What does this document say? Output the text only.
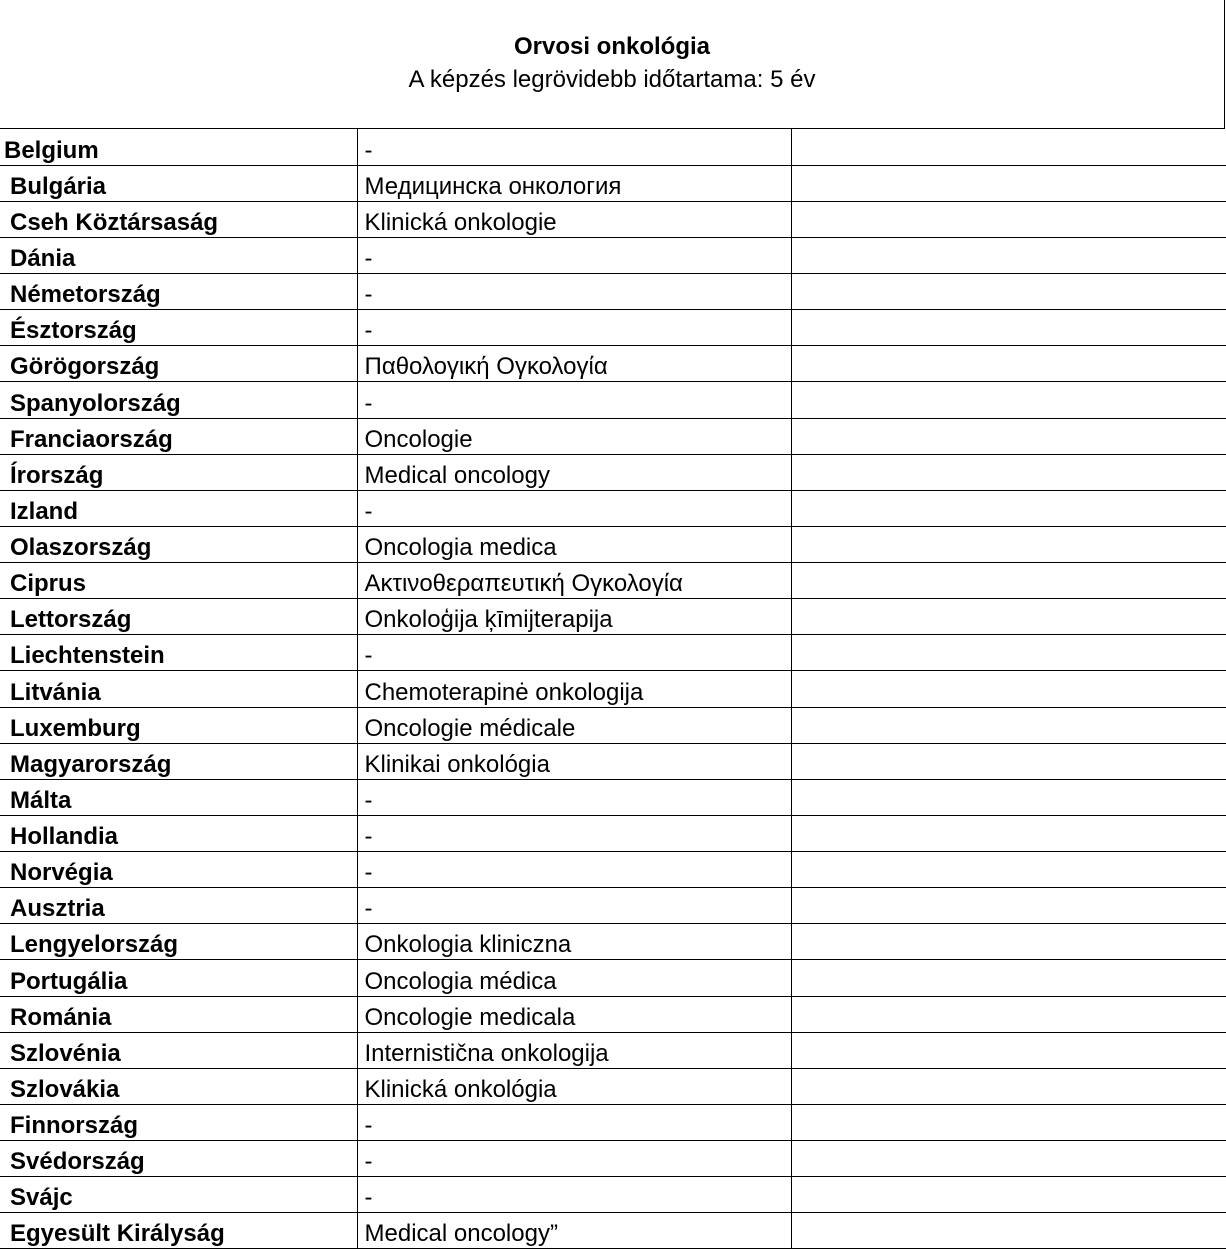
Orvosi onkológia
A képzés legrövidebb időtartama: 5 év
Belgium	-	
Bulgária	Медицинска онкология	
Cseh Köztársaság	Klinická onkologie	
Dánia	-	
Németország	-	
Észtország	-	
Görögország	Παθολογική Ογκολογία	
Spanyolország	-	
Franciaország	Oncologie	
Írország	Medical oncology	
Izland	-	
Olaszország	Oncologia medica	
Ciprus	Ακτινοθεραπευτική Ογκολογία	
Lettország	Onkoloģija ķīmijterapija	
Liechtenstein	-	
Litvánia	Chemoterapinė onkologija	
Luxemburg	Oncologie médicale	
Magyarország	Klinikai onkológia	
Málta	-	
Hollandia	-	
Norvégia	-	
Ausztria	-	
Lengyelország	Onkologia kliniczna	
Portugália	Oncologia médica	
Románia	Oncologie medicala	
Szlovénia	Internistična onkologija	
Szlovákia	Klinická onkológia	
Finnország	-	
Svédország	-	
Svájc	-	
Egyesült Királyság	Medical oncology”	
